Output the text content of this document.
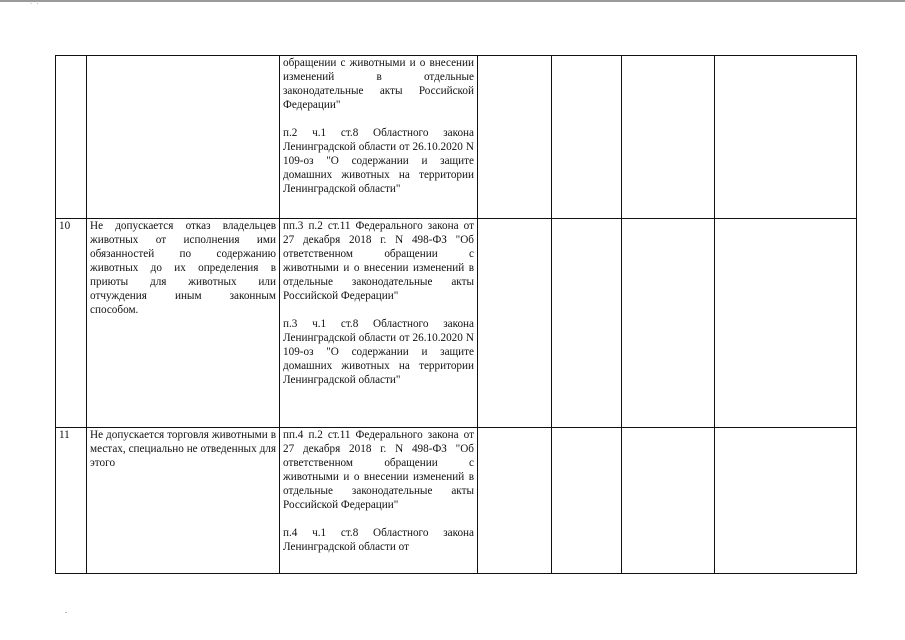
· ·

		обращении с животными и о внесении изменений в отдельные законодательные акты Российской Федерации"
п.2 ч.1 ст.8 Областного закона Ленинградской области от 26.10.2020 N 109-оз "О содержании и защите домашних животных на территории Ленинградской области"				

10	Не допускается отказ владельцев животных от исполнения ими обязанностей по содержанию животных до их определения в приюты для животных или отчуждения иным законным способом.	пп.3 п.2 ст.11 Федерального закона от 27 декабря 2018 г. N 498-ФЗ "Об ответственном обращении с животными и о внесении изменений в отдельные законодательные акты Российской Федерации"
п.3 ч.1 ст.8 Областного закона Ленинградской области от 26.10.2020 N 109-оз "О содержании и защите домашних животных на территории Ленинградской области"				

11	Не допускается торговля животными в местах, специально не отведенных для этого	пп.4 п.2 ст.11 Федерального закона от 27 декабря 2018 г. N 498-ФЗ "Об ответственном обращении с животными и о внесении изменений в отдельные законодательные акты Российской Федерации"
п.4 ч.1 ст.8 Областного закона Ленинградской области от				
